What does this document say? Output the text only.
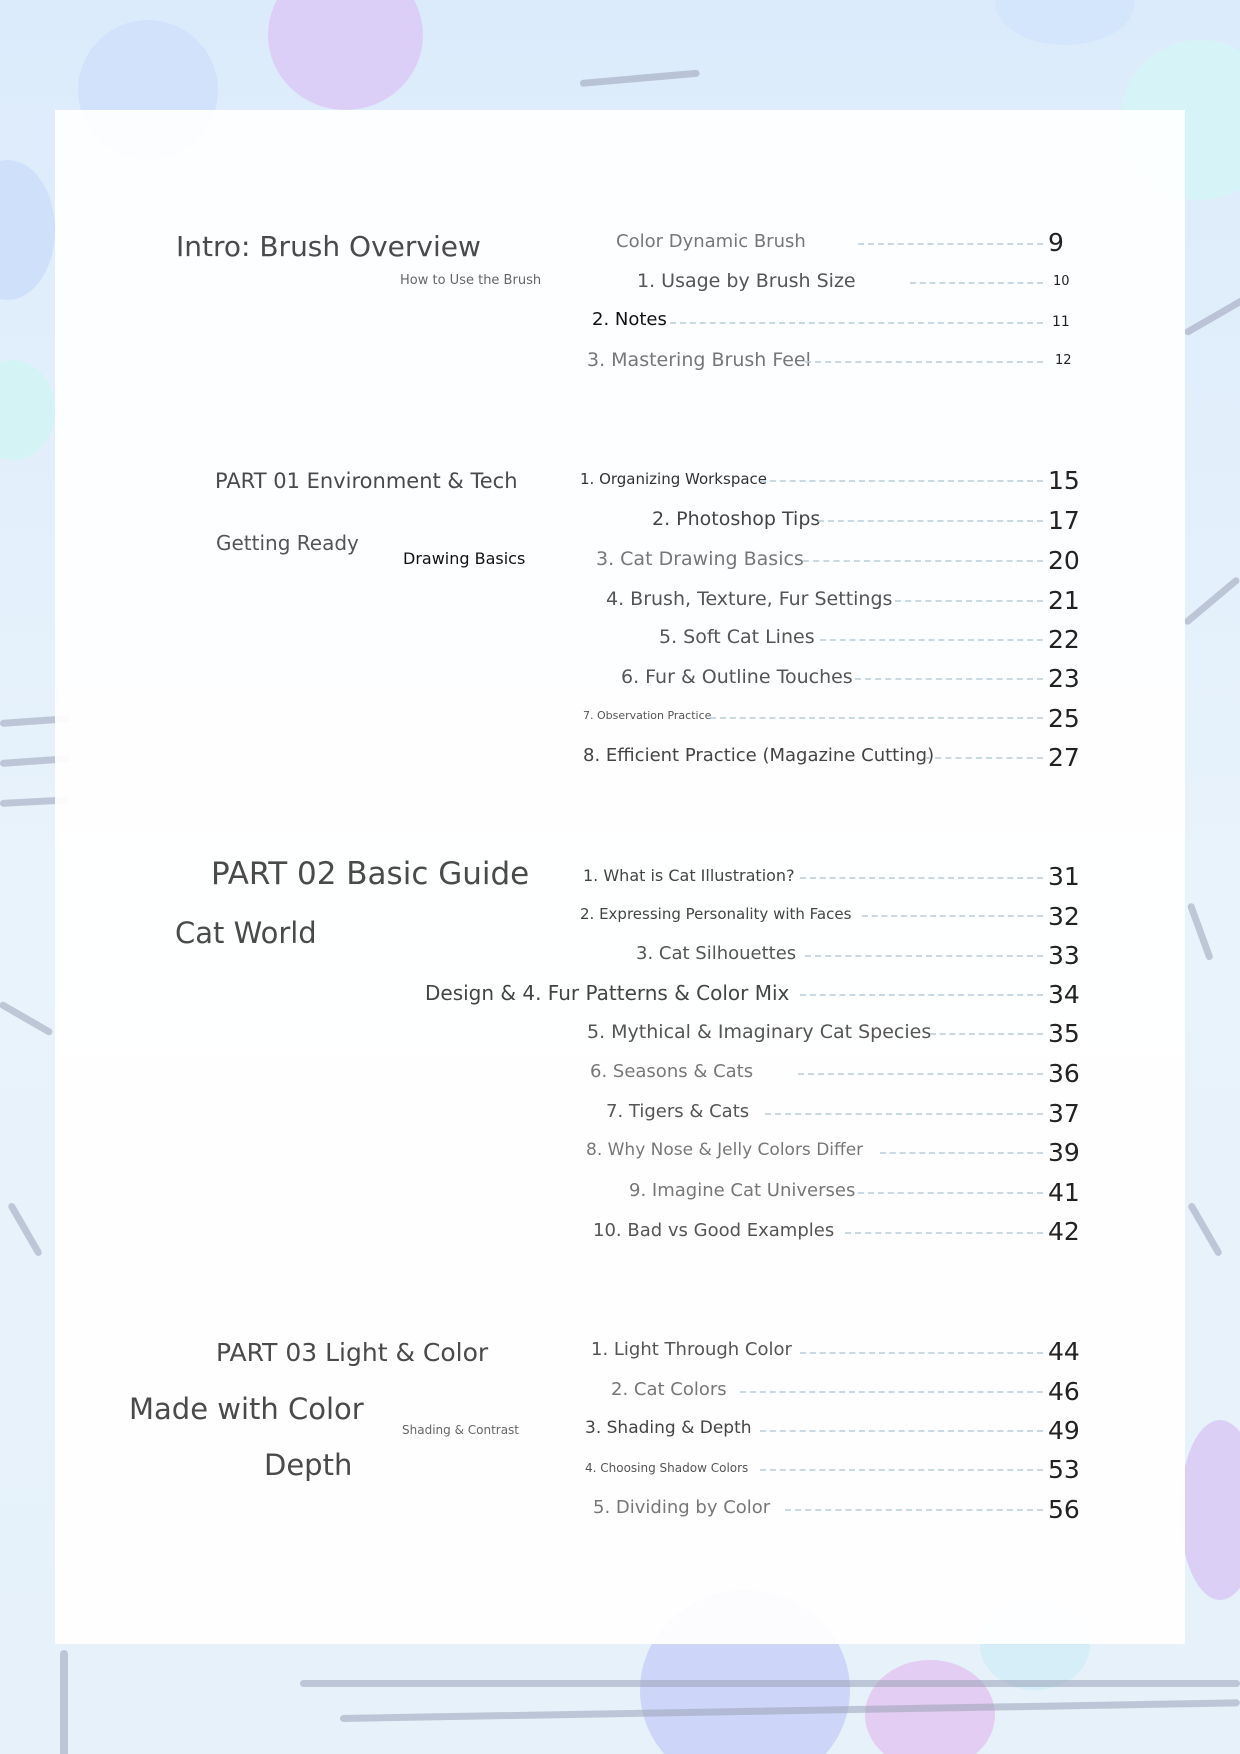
Intro: Brush Overview
How to Use the Brush
PART 01 Environment & Tech
Getting Ready
Drawing Basics
PART 02 Basic Guide
Cat World
PART 03 Light & Color
Made with Color
Depth
Shading & Contrast
Color Dynamic Brush	9
1. Usage by Brush Size	10
2. Notes	11
3. Mastering Brush Feel	12
1. Organizing Workspace	15
2. Photoshop Tips	17
3. Cat Drawing Basics	20
4. Brush, Texture, Fur Settings	21
5. Soft Cat Lines	22
6. Fur & Outline Touches	23
7. Observation Practice	25
8. Efficient Practice (Magazine Cutting)	27
1. What is Cat Illustration?	31
2. Expressing Personality with Faces	32
3. Cat Silhouettes	33
Design & 4. Fur Patterns & Color Mix	34
5. Mythical & Imaginary Cat Species	35
6. Seasons & Cats	36
7. Tigers & Cats	37
8. Why Nose & Jelly Colors Differ	39
9. Imagine Cat Universes	41
10. Bad vs Good Examples	42
1. Light Through Color	44
2. Cat Colors	46
3. Shading & Depth	49
4. Choosing Shadow Colors	53
5. Dividing by Color	56
